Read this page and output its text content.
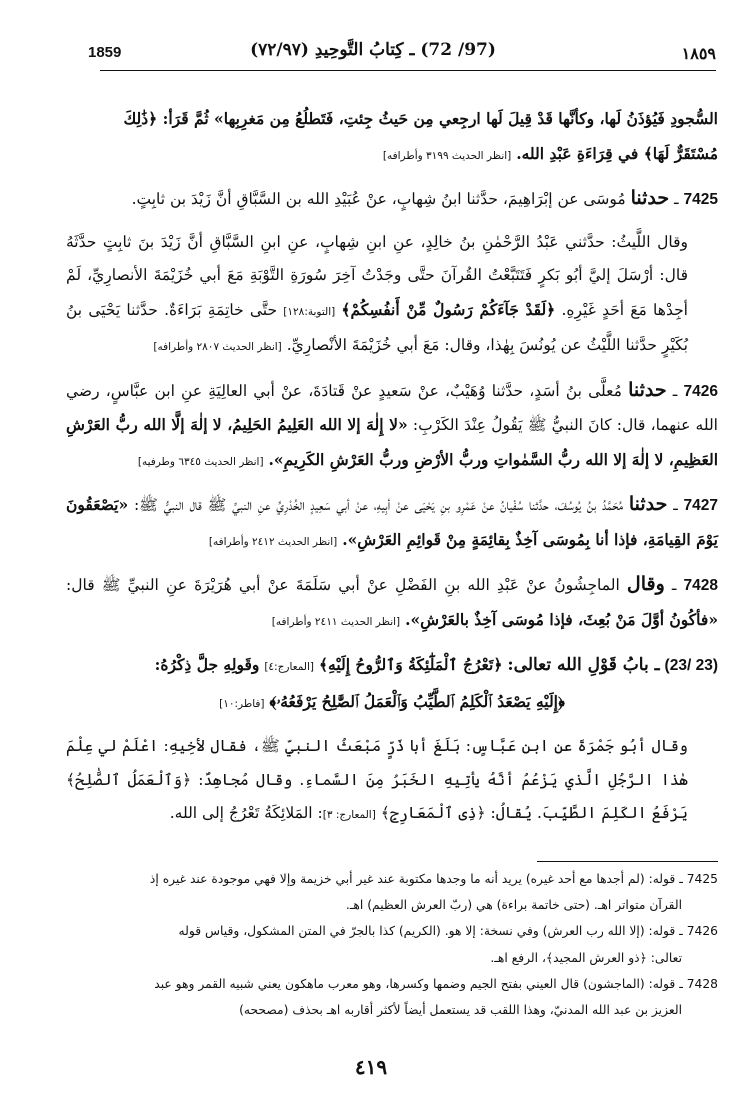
1859	(97/ 72) ـ كِتابُ التَّوحِيدِ (٧٢/٩٧)	١٨٥٩

السُّجودِ فَيُؤذَنُ لَها، وكأنَّها قَدْ قِيلَ لَها ارجِعي مِن حَيثُ جِئتِ، فَتَطلُعُ مِن مَغرِبِها» ثُمَّ قَرَأ: ﴿ذَٰلِكَ

مُسْتَقَرٌّ لَهَا﴾ في قِرَاءَةِ عَبْدِ الله. [انظر الحديث ٣١٩٩ وأطرافه]

7425 ـ حدثنا مُوسَى عن إبْرَاهِيمَ، حدَّثنا ابنُ شِهابٍ، عنْ عُبَيْدِ الله بن السَّبَّاقِ أنَّ زَيْدَ بن ثابِتٍ.

وقال اللَّيثُ: حدَّثني عَبْدُ الرَّحْمٰنِ بنُ خالِدٍ، عنِ ابنِ شِهابٍ، عنِ ابنِ السَّبَّاقِ أنَّ زَيْدَ بنَ ثابِتٍ حدَّثَهُ قال: أرْسَلَ إليَّ أبُو بَكرٍ فَتَتَبَّعْتُ القُرآنَ حتَّى وجَدْتُ آخِرَ سُورَةِ التَّوْبَةِ مَعَ أبي خُزَيْمَةَ الأنصارِيِّ، لَمْ أجِدْها مَعَ أحَدٍ غَيْرِهِ. ﴿لَقَدْ جَآءَكُمْ رَسُولٌ مِّنْ أَنفُسِكُمْ﴾ [التوبة:١٢٨] حتَّى خاتِمَةِ بَرَاءَةٌ. حدَّثنا يَحْيَى بنُ بُكَيْرٍ حدَّثنا اللَّيْثُ عن يُونُسَ بِهٰذا، وقال: مَعَ أبي خُزَيْمَةَ الأنْصارِيِّ. [انظر الحديث ٢٨٠٧ وأطرافه]

7426 ـ حدثنا مُعلَّى بنُ أسَدٍ، حدَّثنا وُهَيْبٌ، عنْ سَعيدٍ عنْ قَتادَةَ، عنْ أبي العالِيَةِ عنِ ابن عبَّاسٍ، رضي الله عنهما، قال: كانَ النبيُّ ﷺ يَقُولُ عِنْدَ الكَرْبِ: «لا إِلٰهَ إلا الله العَلِيمُ الحَلِيمُ، لا إلٰهَ إلَّا الله ربُّ العَرْشِ العَظِيمِ، لا إلٰهَ إلا الله ربُّ السَّمٰواتِ وربُّ الأرْضِ وربُّ العَرْشِ الكَرِيمِ». [انظر الحديث ٦٣٤٥ وطرفيه]

7427 ـ حدثنا مُحَمَّدُ بنُ يُوسُفَ، حدَّثنا سُفْيانُ عنْ عَمْرِو بنِ يَحْيَى عنْ أبِيهِ، عنْ أبي سَعِيدٍ الخُدْرِيِّ عنِ النبيِّ ﷺ قال النبيُّ ﷺ: «يَصْعَقُونَ يَوْمَ القِيامَةِ، فإذا أنا بِمُوسَى آخِذٌ بِقائِمَةٍ مِنْ قَوائِمِ العَرْشِ». [انظر الحديث ٢٤١٢ وأطرافه]

7428 ـ وقال الماجِشُونُ عنْ عَبْدِ الله بنِ الفَضْلِ عنْ أبي سَلَمَةَ عنْ أبي هُرَيْرَةَ عنِ النبيِّ ﷺ قال: «فأكُونُ أوَّلَ مَنْ بُعِثَ، فإذا مُوسَى آخِذٌ بالعَرْشِ». [انظر الحديث ٢٤١١ وأطرافه]

(23 /23) ـ بابُ قَوْلِ الله تعالى: ﴿تَعْرُجُ ٱلْمَلَٰٓئِكَةُ وَٱلرُّوحُ إِلَيْهِ﴾ [المعارج:٤] وقَولِهِ جلَّ ذِكْرُهُ:

﴿إِلَيْهِ يَصْعَدُ ٱلْكَلِمُ ٱلطَّيِّبُ وَٱلْعَمَلُ ٱلصَّٰلِحُ يَرْفَعُهُۥ﴾ [فاطر:١٠]

وقال أبُو جَمْرَةَ عنِ ابنِ عَبَّاسٍ: بَلَغَ أبا ذَرٍّ مَبْعَثُ النبيِّ ﷺ، فقال لأخِيهِ: اعْلَمْ لي عِلْمَ هٰذا الرَّجُلِ الَّذي يَزْعُمُ أنَّهُ يأتِيهِ الخَبَرُ مِنَ السَّماءِ. وقال مُجاهِدٌ: ﴿وَٱلْعَمَلُ ٱلصَّٰلِحُ﴾ يَرْفَعُ الكَلِمَ الطَّيِّبَ. يُقالُ: ﴿ذِى ٱلْمَعَارِجِ﴾ [المعارج: ٣]: المَلائِكَةُ تَعْرُجُ إلى الله.

7425 ـ قوله: (لم أجدها مع أحد غيره) يريد أنه ما وجدها مكتوبة عند غير أبي خزيمة وإلا فهي موجودة عند غيره إذ

القرآن متواتر اهـ. (حتى خاتمة براءة) هي (ربّ العرش العظيم) اهـ.

7426 ـ قوله: (إلا الله رب العرش) وفي نسخة: إلا هو. (الكريم) كذا بالجرّ في المتن المشكول، وقياس قوله

تعالى: ﴿ذو العرش المجيد﴾، الرفع اهـ.

7428 ـ قوله: (الماجشون) قال العيني بفتح الجيم وضمها وكسرها، وهو معرب ماهكون يعني شبيه القمر وهو عبد

العزيز بن عبد الله المدنيّ، وهذا اللقب قد يستعمل أيضاً لأكثر أقاربه اهـ بحذف (مصححه)

٤١٩
